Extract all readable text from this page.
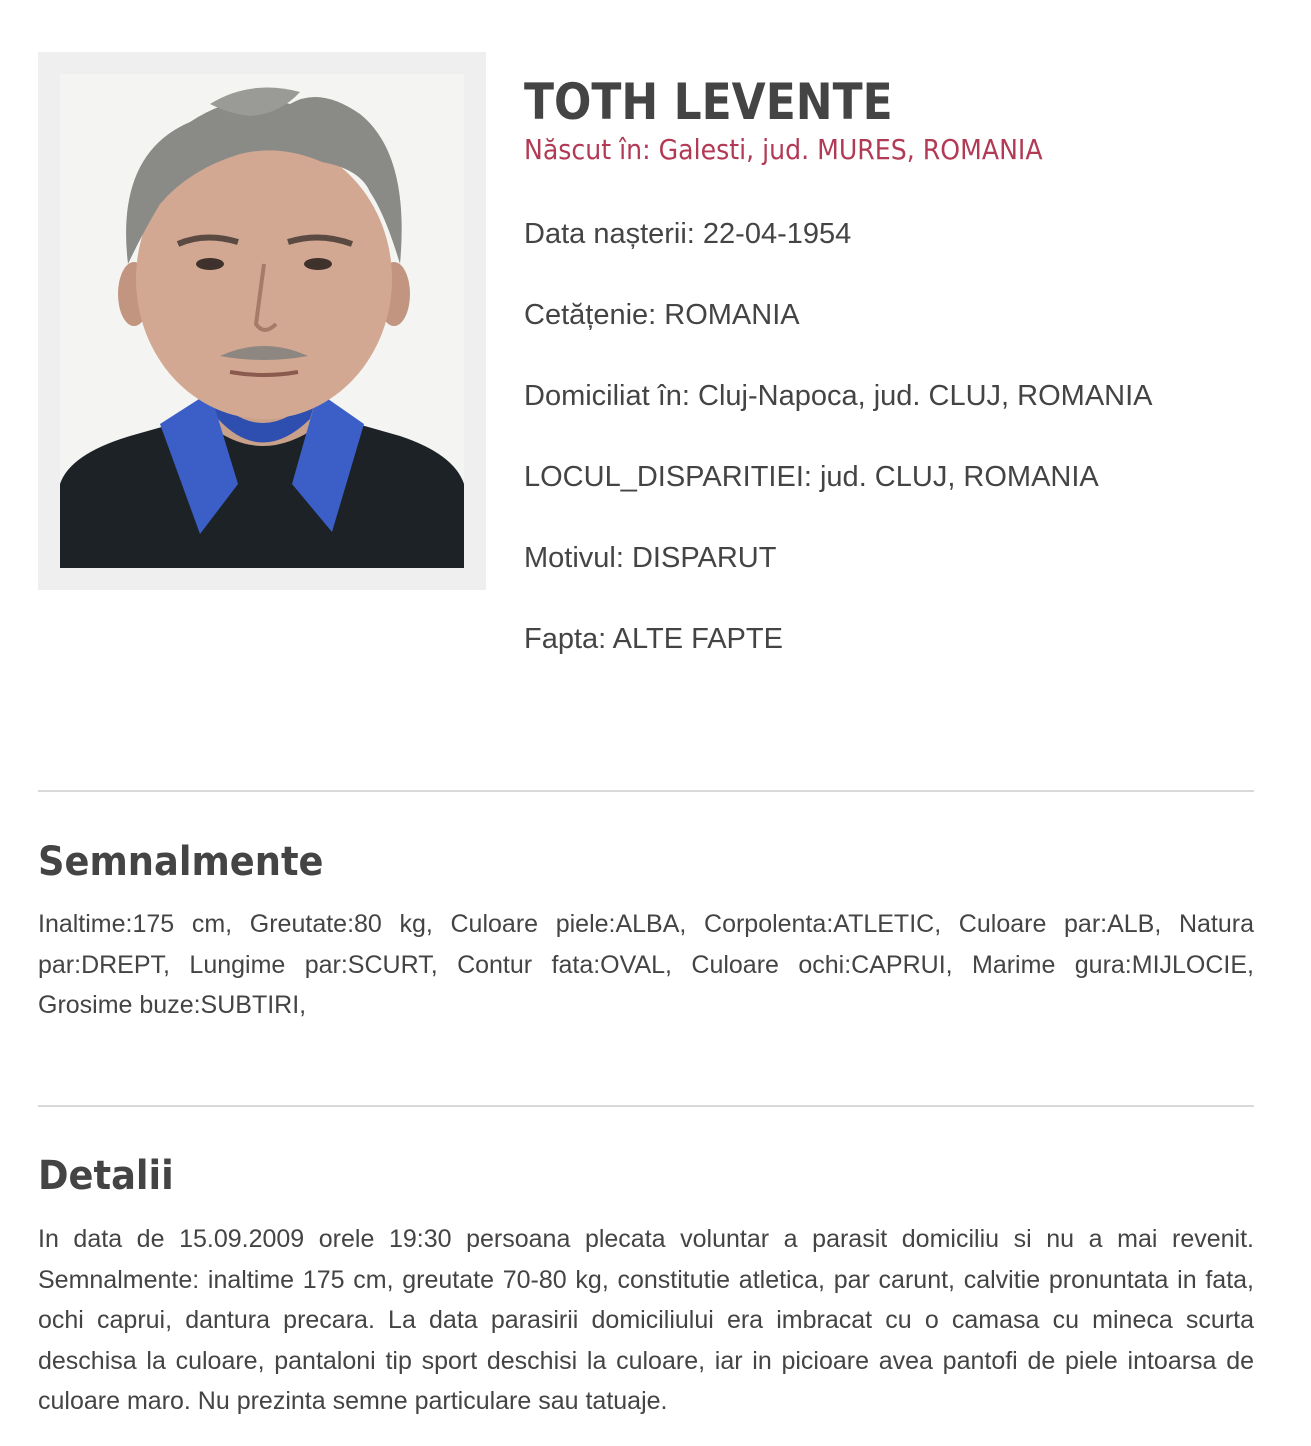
TOTH LEVENTE
Născut în: Galesti, jud. MURES, ROMANIA
Data nașterii: 22-04-1954
Cetățenie: ROMANIA
Domiciliat în: Cluj-Napoca, jud. CLUJ, ROMANIA
LOCUL_DISPARITIEI: jud. CLUJ, ROMANIA
Motivul: DISPARUT
Fapta: ALTE FAPTE
Semnalmente
Inaltime:175 cm, Greutate:80 kg, Culoare piele:ALBA, Corpolenta:ATLETIC, Culoare par:ALB, Natura par:DREPT, Lungime par:SCURT, Contur fata:OVAL, Culoare ochi:CAPRUI, Marime gura:MIJLOCIE, Grosime buze:SUBTIRI,
Detalii
In data de 15.09.2009 orele 19:30 persoana plecata voluntar a parasit domiciliu si nu a mai revenit. Semnalmente: inaltime 175 cm, greutate 70-80 kg, constitutie atletica, par carunt, calvitie pronuntata in fata, ochi caprui, dantura precara. La data parasirii domiciliului era imbracat cu o camasa cu mineca scurta deschisa la culoare, pantaloni tip sport deschisi la culoare, iar in picioare avea pantofi de piele intoarsa de culoare maro. Nu prezinta semne particulare sau tatuaje.
